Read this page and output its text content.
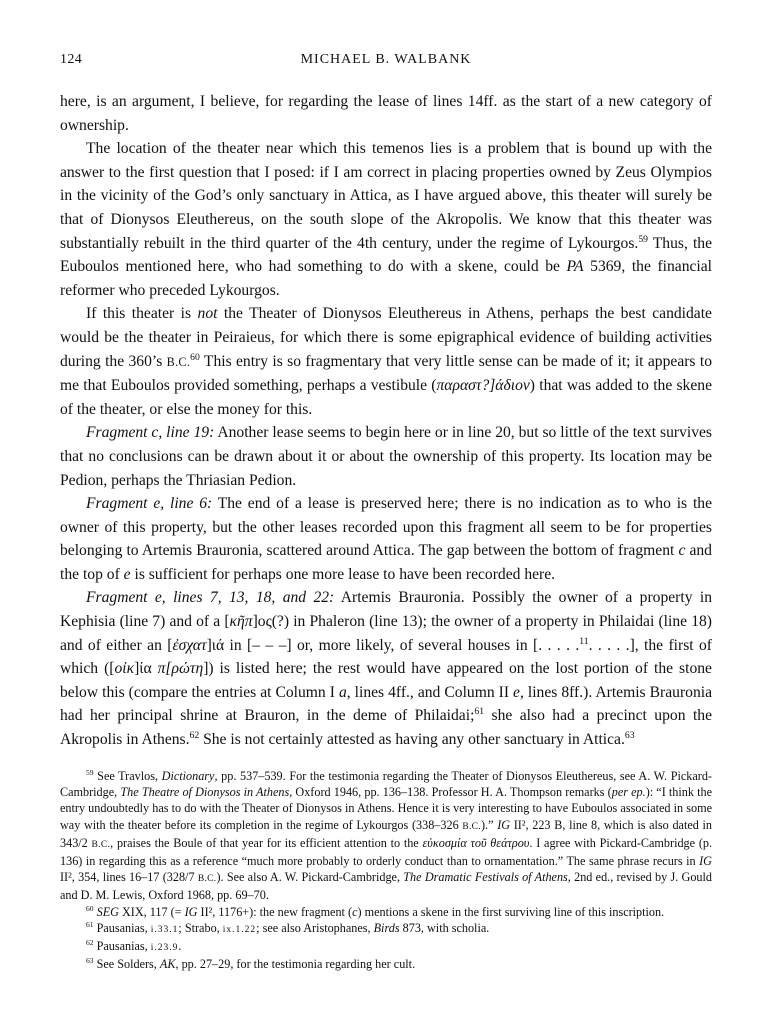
124	MICHAEL B. WALBANK

here, is an argument, I believe, for regarding the lease of lines 14ff. as the start of a new category of ownership.

The location of the theater near which this temenos lies is a problem that is bound up with the answer to the first question that I posed: if I am correct in placing properties owned by Zeus Olympios in the vicinity of the God’s only sanctuary in Attica, as I have argued above, this theater will surely be that of Dionysos Eleuthereus, on the south slope of the Akropolis. We know that this theater was substantially rebuilt in the third quarter of the 4th century, under the regime of Lykourgos.$^{59}$ Thus, the Euboulos mentioned here, who had something to do with a skene, could be PA 5369, the financial reformer who preceded Lykourgos.

If this theater is not the Theater of Dionysos Eleuthereus in Athens, perhaps the best candidate would be the theater in Peiraieus, for which there is some epigraphical evidence of building activities during the 360’s B.C.$^{60}$ This entry is so fragmentary that very little sense can be made of it; it appears to me that Euboulos provided something, perhaps a vestibule (παραστ?]άδιον) that was added to the skene of the theater, or else the money for this.

Fragment c, line 19: Another lease seems to begin here or in line 20, but so little of the text survives that no conclusions can be drawn about it or about the ownership of this property. Its location may be Pedion, perhaps the Thriasian Pedion.

Fragment e, line 6: The end of a lease is preserved here; there is no indication as to who is the owner of this property, but the other leases recorded upon this fragment all seem to be for properties belonging to Artemis Brauronia, scattered around Attica. The gap between the bottom of fragment c and the top of e is sufficient for perhaps one more lease to have been recorded here.

Fragment e, lines 7, 13, 18, and 22: Artemis Brauronia. Possibly the owner of a property in Kephisia (line 7) and of a [κῆπ]ος(?) in Phaleron (line 13); the owner of a property in Philaidai (line 18) and of either an [ἐσχατ]ιά in [– – –] or, more likely, of several houses in [. . . . .$^{11}$. . . . .], the first of which ([οἰκ]ία π[ρώτη]) is listed here; the rest would have appeared on the lost portion of the stone below this (compare the entries at Column I a, lines 4ff., and Column II e, lines 8ff.). Artemis Brauronia had her principal shrine at Brauron, in the deme of Philaidai;$^{61}$ she also had a precinct upon the Akropolis in Athens.$^{62}$ She is not certainly attested as having any other sanctuary in Attica.$^{63}$

$^{59}$ See Travlos, Dictionary, pp. 537–539. For the testimonia regarding the Theater of Dionysos Eleuthereus, see A. W. Pickard-Cambridge, The Theatre of Dionysos in Athens, Oxford 1946, pp. 136–138. Professor H. A. Thompson remarks (per ep.): “I think the entry undoubtedly has to do with the Theater of Dionysos in Athens. Hence it is very interesting to have Euboulos associated in some way with the theater before its completion in the regime of Lykourgos (338–326 B.C.).” IG II², 223 B, line 8, which is also dated in 343/2 B.C., praises the Boule of that year for its efficient attention to the εὐκοσμία τοῦ θεάτρου. I agree with Pickard-Cambridge (p. 136) in regarding this as a reference “much more probably to orderly conduct than to ornamentation.” The same phrase recurs in IG II², 354, lines 16–17 (328/7 B.C.). See also A. W. Pickard-Cambridge, The Dramatic Festivals of Athens, 2nd ed., revised by J. Gould and D. M. Lewis, Oxford 1968, pp. 69–70.

$^{60}$ SEG XIX, 117 (= IG II², 1176+): the new fragment (c) mentions a skene in the first surviving line of this inscription.

$^{61}$ Pausanias, i.33.1; Strabo, ix.1.22; see also Aristophanes, Birds 873, with scholia.

$^{62}$ Pausanias, i.23.9.

$^{63}$ See Solders, AK, pp. 27–29, for the testimonia regarding her cult.
